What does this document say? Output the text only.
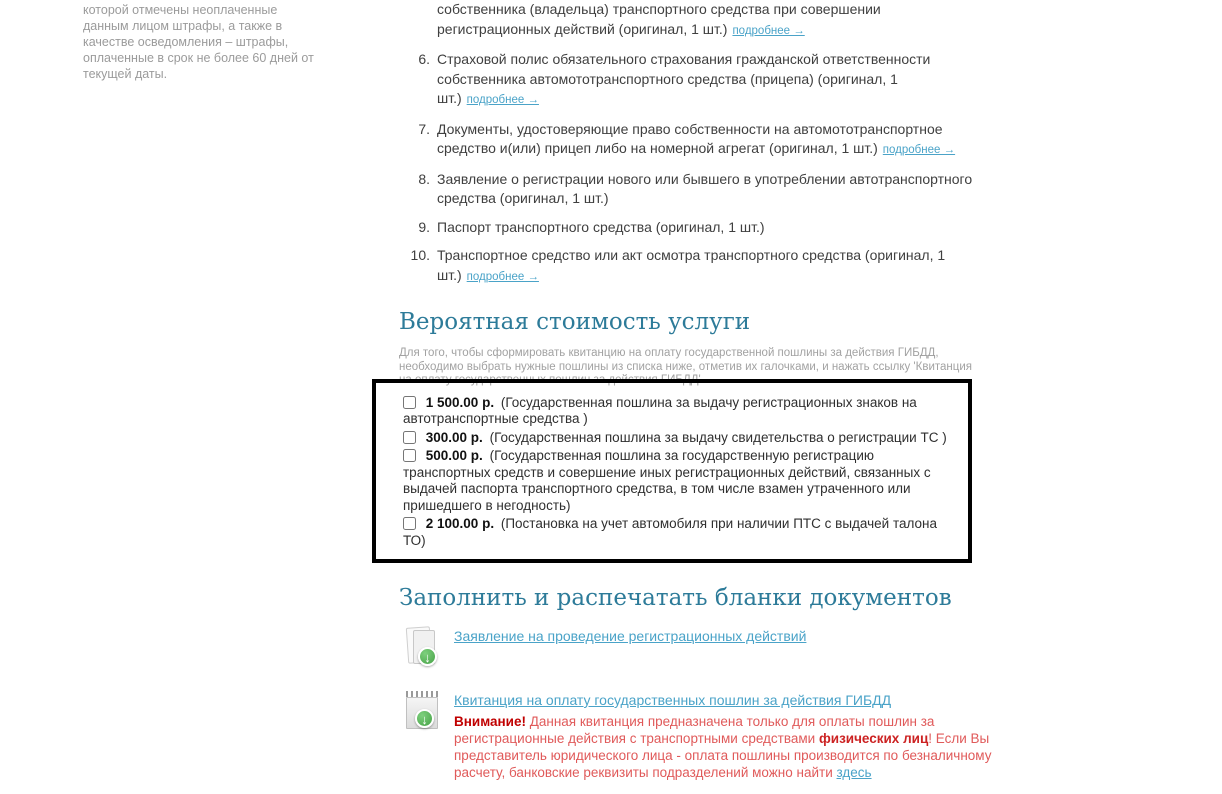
которой отмечены неоплаченные данным лицом штрафы, а также в качестве осведомления – штрафы, оплаченные в срок не более 60 дней от текущей даты.
собственника (владельца) транспортного средства при совершении регистрационных действий (оригинал, 1 шт.) подробнее →
6. Страховой полис обязательного страхования гражданской ответственности собственника автомототранспортного средства (прицепа) (оригинал, 1 шт.) подробнее →
7. Документы, удостоверяющие право собственности на автомототранспортное средство и(или) прицеп либо на номерной агрегат (оригинал, 1 шт.) подробнее →
8. Заявление о регистрации нового или бывшего в употреблении автотранспортного средства (оригинал, 1 шт.)
9. Паспорт транспортного средства (оригинал, 1 шт.)
10. Транспортное средство или акт осмотра транспортного средства (оригинал, 1 шт.) подробнее →
Вероятная стоимость услуги

Для того, чтобы сформировать квитанцию на оплату государственной пошлины за действия ГИБДД, необходимо выбрать нужные пошлины из списка ниже, отметив их галочками, и нажать ссылку 'Квитанция на оплату государственных пошлин за действия ГИБДД'.

1 500.00 р. (Государственная пошлина за выдачу регистрационных знаков на автотранспортные средства )
300.00 р. (Государственная пошлина за выдачу свидетельства о регистрации ТС )
500.00 р. (Государственная пошлина за государственную регистрацию транспортных средств и совершение иных регистрационных действий, связанных с выдачей паспорта транспортного средства, в том числе взамен утраченного или пришедшего в негодность)
2 100.00 р. (Постановка на учет автомобиля при наличии ПТС с выдачей талона ТО)
Заполнить и распечатать бланки документов
↓
Заявление на проведение регистрационных действий
↓
Квитанция на оплату государственных пошлин за действия ГИБДД

Внимание! Данная квитанция предназначена только для оплаты пошлин за регистрационные действия с транспортными средствами физических лиц! Если Вы представитель юридического лица - оплата пошлины производится по безналичному расчету, банковские реквизиты подразделений можно найти здесь
